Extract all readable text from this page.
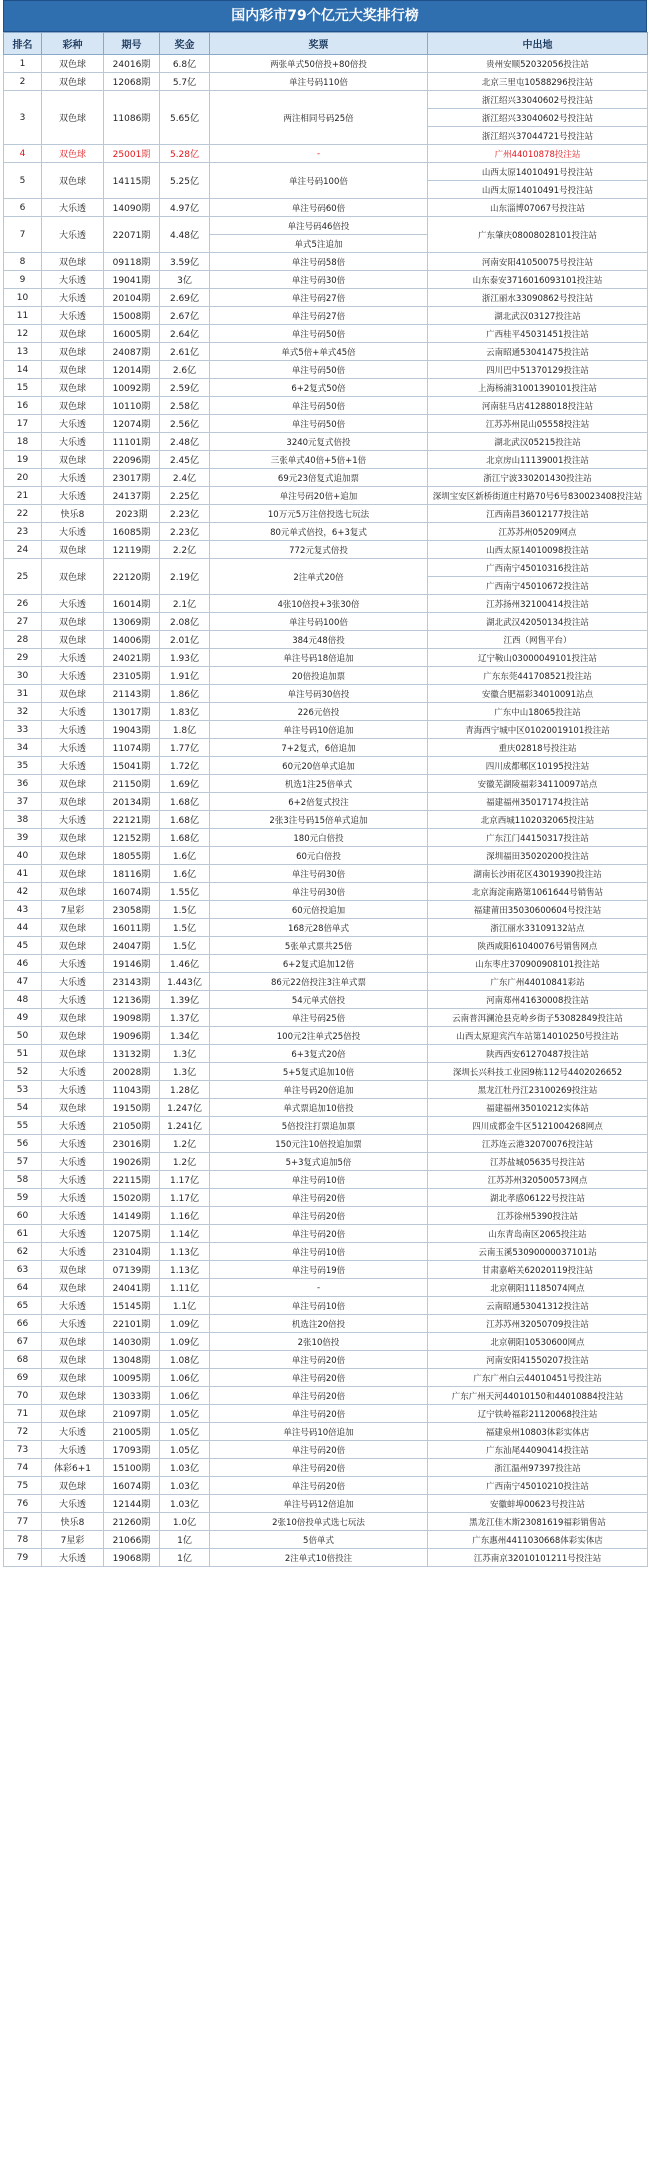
国内彩市79个亿元大奖排行榜
排名	彩种	期号	奖金	奖票	中出地
1	双色球	24016期	6.8亿	两张单式50倍投+80倍投	贵州安顺52032056投注站
2	双色球	12068期	5.7亿	单注号码110倍	北京三里屯10588296投注站
3	双色球	11086期	5.65亿	两注相同号码25倍	浙江绍兴33040602号投注站
					浙江绍兴33040602号投注站
					浙江绍兴37044721号投注站
4	双色球	25001期	5.28亿	-	广州44010878投注站
5	双色球	14115期	5.25亿	单注号码100倍	山西太原14010491号投注站
					山西太原14010491号投注站
6	大乐透	14090期	4.97亿	单注号码60倍	山东淄博07067号投注站
7	大乐透	22071期	4.48亿	单注号码46倍投	广东肇庆08008028101投注站
				单式5注追加	
8	双色球	09118期	3.59亿	单注号码58倍	河南安阳41050075号投注站
9	大乐透	19041期	3亿	单注号码30倍	山东泰安3716016093101投注站
10	大乐透	20104期	2.69亿	单注号码27倍	浙江丽水33090862号投注站
11	大乐透	15008期	2.67亿	单注号码27倍	湖北武汉03127投注站
12	双色球	16005期	2.64亿	单注号码50倍	广西桂平45031451投注站
13	双色球	24087期	2.61亿	单式5倍+单式45倍	云南昭通53041475投注站
14	双色球	12014期	2.6亿	单注号码50倍	四川巴中51370129投注站
15	双色球	10092期	2.59亿	6+2复式50倍	上海杨浦31001390101投注站
16	双色球	10110期	2.58亿	单注号码50倍	河南驻马店41288018投注站
17	大乐透	12074期	2.56亿	单注号码50倍	江苏苏州昆山05558投注站
18	大乐透	11101期	2.48亿	3240元复式倍投	湖北武汉05215投注站
19	双色球	22096期	2.45亿	三张单式40倍+5倍+1倍	北京房山11139001投注站
20	大乐透	23017期	2.4亿	69元23倍复式追加票	浙江宁波33020143​0投注站
21	大乐透	24137期	2.25亿	单注号码20倍+追加	深圳宝安区新桥街道庄村路70号6号830023408投注站
22	快乐8	2023期	2.23亿	10万元5万注倍投选七玩法	江西南昌36012177投注站
23	大乐透	16085期	2.23亿	80元单式倍投，6+3复式	江苏苏州05209网点
24	双色球	12119期	2.2亿	772元复式倍投	山西太原14010098投注站
25	双色球	22120期	2.19亿	2注单式20倍	广西南宁45010316投注站
					广西南宁45010672投注站
26	大乐透	16014期	2.1亿	4张10倍投+3张30倍	江苏扬州32100414投注站
27	双色球	13069期	2.08亿	单注号码100倍	湖北武汉42050134投注站
28	双色球	14006期	2.01亿	384元48倍投	江西（网售平台）
29	大乐透	24021期	1.93亿	单注号码18倍追加	辽宁鞍山03000049101投注站
30	大乐透	23105期	1.91亿	20倍投追加票	广东东莞44170852​1投注站
31	双色球	21143期	1.86亿	单注号码30倍投	安徽合肥福彩34010091站点
32	大乐透	13017期	1.83亿	226元倍投	广东中山18065投注站
33	大乐透	19043期	1.8亿	单注号码10倍追加	青海西宁城中区01020019101投注站
34	大乐透	11074期	1.77亿	7+2复式，6倍追加	重庆02818号投注站
35	大乐透	15041期	1.72亿	60元20倍单式追加	四川成都郫区10195投注站
36	双色球	21150期	1.69亿	机选1注25倍单式	安徽芜湖陵福彩34110097站点
37	双色球	20134期	1.68亿	6+2倍复式投注	福建福州35017174投注站
38	大乐透	22121期	1.68亿	2张3注号码15倍单式追加	北京西城11020320​65投注站
39	双色球	12152期	1.68亿	180元白倍投	广东江门44150317投注站
40	双色球	18055期	1.6亿	60元白倍投	深圳福田35020200投注站
41	双色球	18116期	1.6亿	单注号码30倍	湖南长沙雨花区43019390投注站
42	双色球	16074期	1.55亿	单注号码30倍	北京海淀南路第1061644号销售站
43	7星彩	23058期	1.5亿	60元倍投追加	福建莆田35030600604号投注站
44	双色球	16011期	1.5亿	168元28倍单式	浙江丽水33109132站点
45	双色球	24047期	1.5亿	5张单式票共25倍	陕西咸阳61040076号销售网点
46	大乐透	19146期	1.46亿	6+2复式追加12倍	山东枣庄370900908101投注站
47	大乐透	23143期	1.443亿	86元22倍投注3注单式票	广东广州44010841彩站
48	大乐透	12136期	1.39亿	54元单式倍投	河南郑州41630008投注站
49	双色球	19098期	1.37亿	单注号码25倍	云南普洱澜沧县克岭乡街子53082849投注站
50	双色球	19096期	1.34亿	100元2注单式25倍投	山西太原迎宾汽车站第14010250号投注站
51	双色球	13132期	1.3亿	6+3复式20倍	陕西西安61270487投注站
52	大乐透	20028期	1.3亿	5+5复式追加10倍	深圳长兴科技工业园9栋112号4402026652
53	大乐透	11043期	1.28亿	单注号码20倍追加	黑龙江牡丹江23100269投注站
54	双色球	19150期	1.247亿	单式票追加10倍投	福建福州35010212实体站
55	大乐透	21050期	1.241亿	5倍投注打票追加票	四川成都金牛区5121004268网点
56	大乐透	23016期	1.2亿	150元注10倍投追加票	江苏连云港32070076投注站
57	大乐透	19026期	1.2亿	5+3复式追加5倍	江苏盐城05635号投注站
58	大乐透	22115期	1.17亿	单注号码10倍	江苏苏州32050057​3网点
59	大乐透	15020期	1.17亿	单注号码20倍	湖北孝感06122号投注站
60	大乐透	14149期	1.16亿	单注号码20倍	江苏徐州5390投注站
61	大乐透	12075期	1.14亿	单注号码20倍	山东青岛南区2065投注站
62	大乐透	23104期	1.13亿	单注号码10倍	云南玉溪53090000037101站
63	双色球	07139期	1.13亿	单注号码19倍	甘肃嘉峪关62020119投注站
64	双色球	24041期	1.11亿	-	北京朝阳11185074网点
65	大乐透	15145期	1.1亿	单注号码10倍	云南昭通53041312投注站
66	大乐透	22101期	1.09亿	机选注20倍投	江苏苏州32050709​投注站
67	双色球	14030期	1.09亿	2张10倍投	北京朝阳10530600网点
68	双色球	13048期	1.08亿	单注号码20倍	河南安阳41550207投注站
69	双色球	10095期	1.06亿	单注号码20倍	广东广州白云44010451号投注站
70	双色球	13033期	1.06亿	单注号码20倍	广东广州天河44010150​和44010884投注站
71	双色球	21097期	1.05亿	单注号码20倍	辽宁铁岭福彩21120068​投注站
72	大乐透	21005期	1.05亿	单注号码10倍追加	福建泉州10803体彩实体店
73	大乐透	17093期	1.05亿	单注号码20倍	广东汕尾44090414投注站
74	体彩6+1	15100期	1.03亿	单注号码20倍	浙江温州97397投注站
75	双色球	16074期	1.03亿	单注号码20倍	广西南宁45010210投注站
76	大乐透	12144期	1.03亿	单注号码12倍追加	安徽蚌埠00623号投注站
77	快乐8	21260期	1.0亿	2张10倍投单式选七玩法	黑龙江佳木斯23081619福彩销售站
78	7星彩	21066期	1亿	5倍单式	广东惠州4411030668体彩实体店
79	大乐透	19068期	1亿	2注单式10倍投注	江苏南京32010101211号投注站
